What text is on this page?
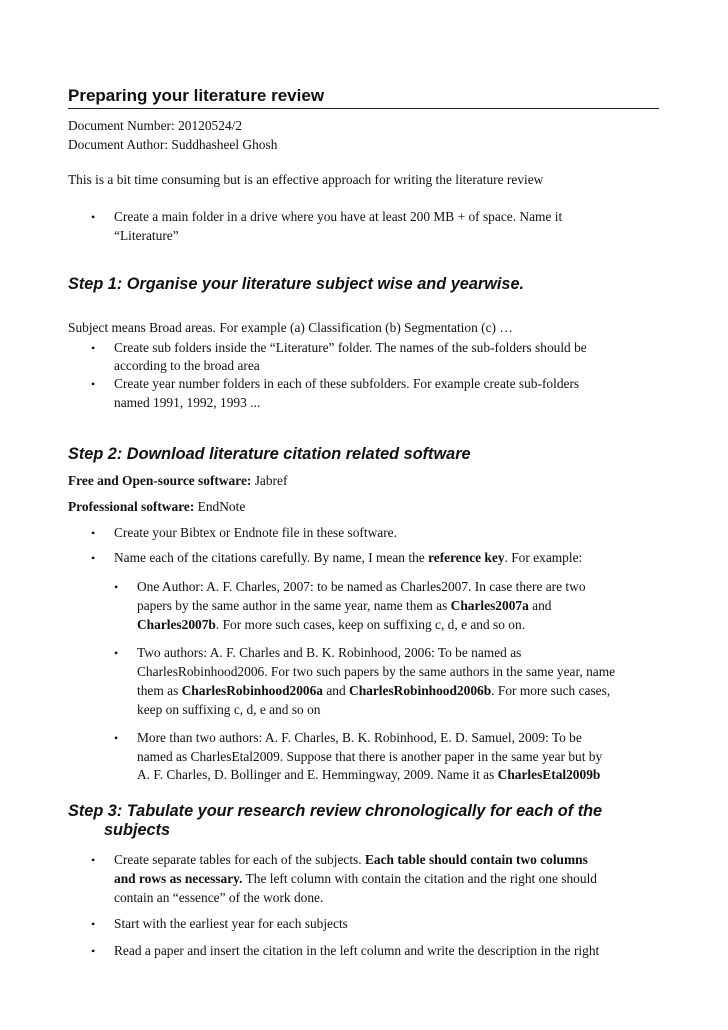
Preparing your literature review
Document Number: 20120524/2
Document Author: Suddhasheel Ghosh
This is a bit time consuming but is an effective approach for writing the literature review
• Create a main folder in a drive where you have at least 200 MB + of space. Name it
“Literature”
Step 1: Organise your literature subject wise and yearwise.
Subject means Broad areas. For example (a) Classification (b) Segmentation (c) …
• Create sub folders inside the “Literature” folder. The names of the sub-folders should be
according to the broad area
• Create year number folders in each of these subfolders. For example create sub-folders
named 1991, 1992, 1993 ...
Step 2: Download literature citation related software
Free and Open-source software: Jabref
Professional software: EndNote
• Create your Bibtex or Endnote file in these software.
• Name each of the citations carefully. By name, I mean the reference key. For example:
• One Author: A. F. Charles, 2007: to be named as Charles2007. In case there are two
papers by the same author in the same year, name them as Charles2007a and
Charles2007b. For more such cases, keep on suffixing c, d, e and so on.
• Two authors: A. F. Charles and B. K. Robinhood, 2006: To be named as
CharlesRobinhood2006. For two such papers by the same authors in the same year, name
them as CharlesRobinhood2006a and CharlesRobinhood2006b. For more such cases,
keep on suffixing c, d, e and so on
• More than two authors: A. F. Charles, B. K. Robinhood, E. D. Samuel, 2009: To be
named as CharlesEtal2009. Suppose that there is another paper in the same year but by
A. F. Charles, D. Bollinger and E. Hemmingway, 2009. Name it as CharlesEtal2009b
Step 3: Tabulate your research review chronologically for each of the
subjects
• Create separate tables for each of the subjects. Each table should contain two columns
and rows as necessary. The left column with contain the citation and the right one should
contain an “essence” of the work done.
• Start with the earliest year for each subjects
• Read a paper and insert the citation in the left column and write the description in the right
